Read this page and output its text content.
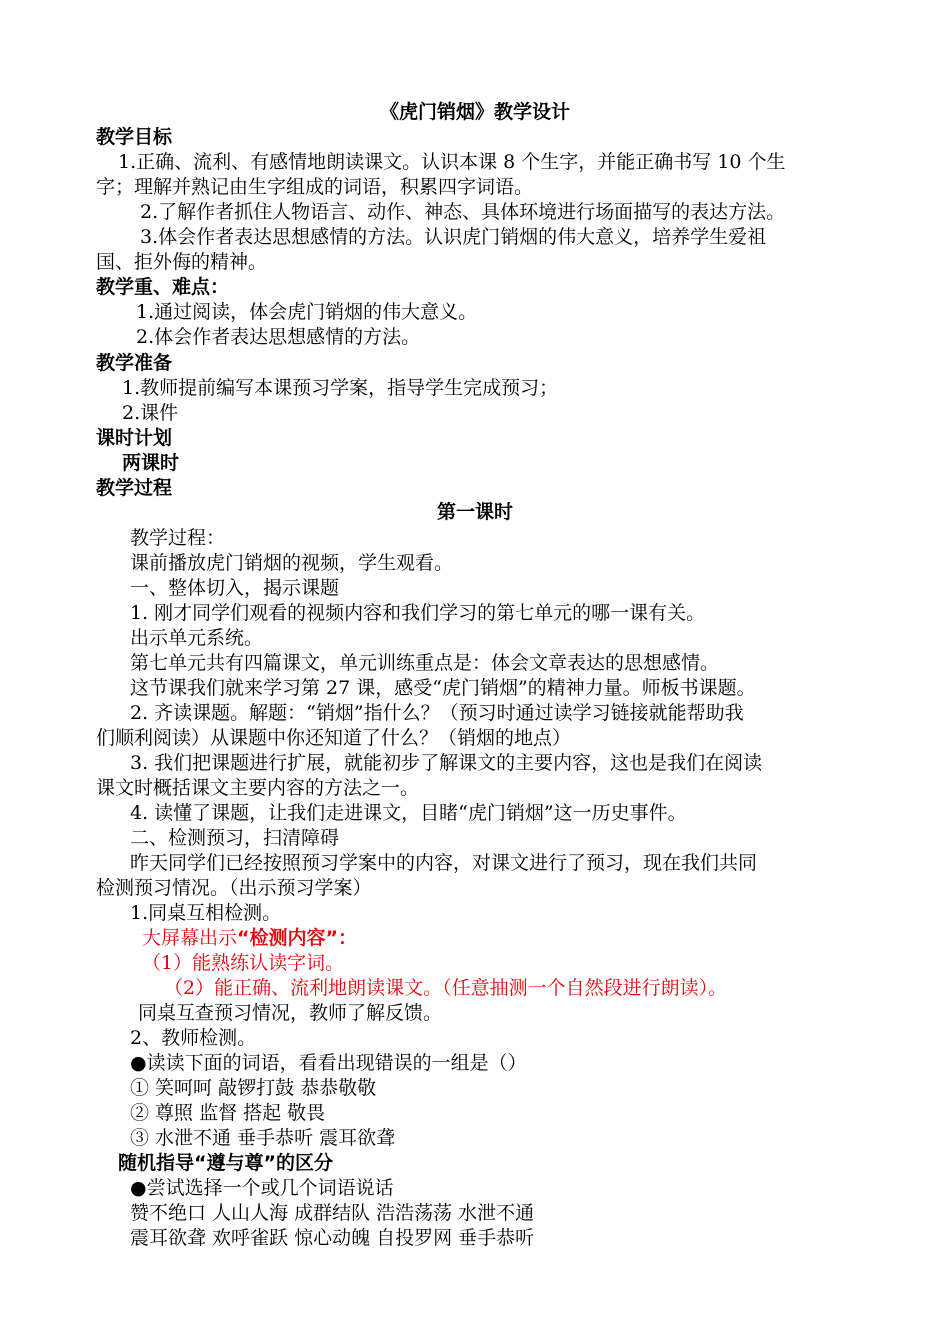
《虎门销烟》教学设计
教学目标
1.正确、流利、有感情地朗读课文。认识本课 8 个生字，并能正确书写 10 个生
字；理解并熟记由生字组成的词语，积累四字词语。
2.了解作者抓住人物语言、动作、神态、具体环境进行场面描写的表达方法。
3.体会作者表达思想感情的方法。认识虎门销烟的伟大意义，培养学生爱祖
国、拒外侮的精神。
教学重、难点：
1.通过阅读，体会虎门销烟的伟大意义。
2.体会作者表达思想感情的方法。
教学准备
1.教师提前编写本课预习学案，指导学生完成预习；
2.课件
课时计划
两课时
教学过程
第一课时
教学过程：
课前播放虎门销烟的视频，学生观看。
一、整体切入，揭示课题
1. 刚才同学们观看的视频内容和我们学习的第七单元的哪一课有关。
出示单元系统。
第七单元共有四篇课文，单元训练重点是：体会文章表达的思想感情。
这节课我们就来学习第 27 课，感受“虎门销烟”的精神力量。师板书课题。
2. 齐读课题。解题：“销烟”指什么？（预习时通过读学习链接就能帮助我
们顺利阅读）从课题中你还知道了什么？（销烟的地点）
3. 我们把课题进行扩展，就能初步了解课文的主要内容，这也是我们在阅读
课文时概括课文主要内容的方法之一。
4. 读懂了课题，让我们走进课文，目睹“虎门销烟”这一历史事件。
二、检测预习，扫清障碍
昨天同学们已经按照预习学案中的内容，对课文进行了预习，现在我们共同
检测预习情况。（出示预习学案）
1.同桌互相检测。
大屏幕出示“检测内容”：
（1）能熟练认读字词。
（2）能正确、流利地朗读课文。（任意抽测一个自然段进行朗读）。
同桌互查预习情况，教师了解反馈。
2、教师检测。
●读读下面的词语，看看出现错误的一组是（）
① 笑呵呵 敲锣打鼓 恭恭敬敬
② 尊照 监督 搭起 敬畏
③ 水泄不通 垂手恭听 震耳欲聋
随机指导“遵与尊”的区分
●尝试选择一个或几个词语说话
赞不绝口 人山人海 成群结队 浩浩荡荡 水泄不通
震耳欲聋 欢呼雀跃 惊心动魄 自投罗网 垂手恭听
